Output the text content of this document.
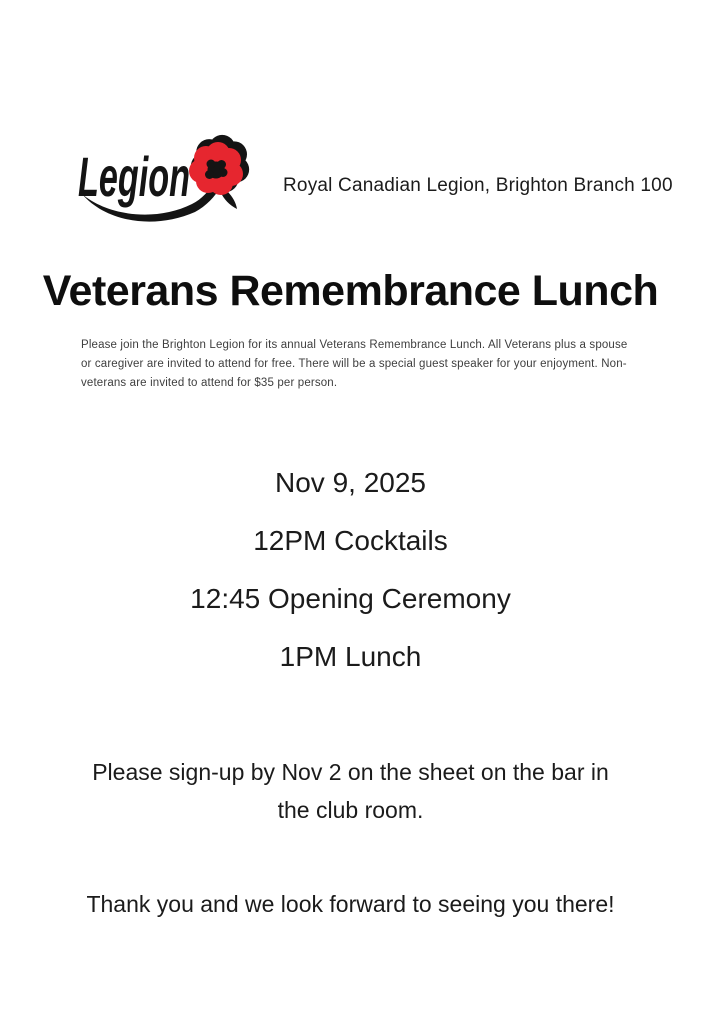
Legion	Royal Canadian Legion, Brighton Branch 100
Veterans Remembrance Lunch
Please join the Brighton Legion for its annual Veterans Remembrance Lunch. All Veterans plus a spouse
or caregiver are invited to attend for free. There will be a special guest speaker for your enjoyment. Non-
veterans are invited to attend for $35 per person.
Nov 9, 2025
12PM Cocktails
12:45 Opening Ceremony
1PM Lunch
Please sign-up by Nov 2 on the sheet on the bar in
the club room.
Thank you and we look forward to seeing you there!
